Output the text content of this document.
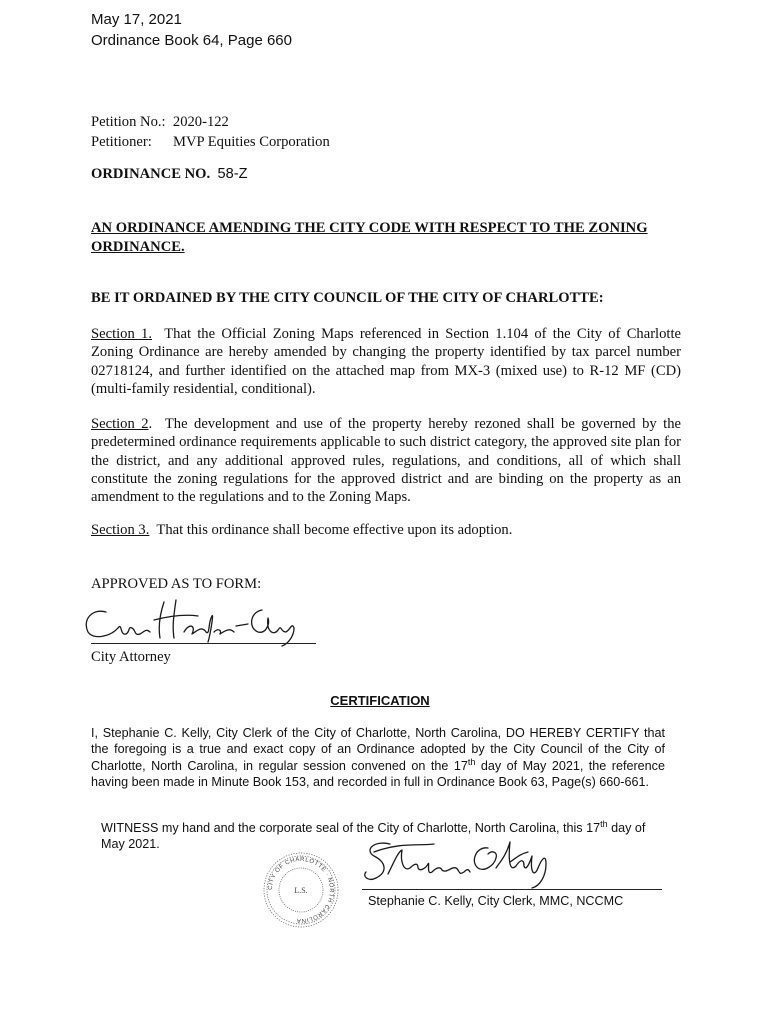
May 17, 2021
Ordinance Book 64, Page 660
Petition No.: 2020-122
Petitioner: MVP Equities Corporation
ORDINANCE NO. 58-Z
AN ORDINANCE AMENDING THE CITY CODE WITH RESPECT TO THE ZONING ORDINANCE.
BE IT ORDAINED BY THE CITY COUNCIL OF THE CITY OF CHARLOTTE:
Section 1. That the Official Zoning Maps referenced in Section 1.104 of the City of Charlotte Zoning Ordinance are hereby amended by changing the property identified by tax parcel number 02718124, and further identified on the attached map from MX-3 (mixed use) to R-12 MF (CD) (multi-family residential, conditional).
Section 2.  The development and use of the property hereby rezoned shall be governed by the predetermined ordinance requirements applicable to such district category, the approved site plan for the district, and any additional approved rules, regulations, and conditions, all of which shall constitute the zoning regulations for the approved district and are binding on the property as an amendment to the regulations and to the Zoning Maps.
Section 3. That this ordinance shall become effective upon its adoption.
APPROVED AS TO FORM:
City Attorney
CERTIFICATION
I, Stephanie C. Kelly, City Clerk of the City of Charlotte, North Carolina, DO HEREBY CERTIFY that the foregoing is a true and exact copy of an Ordinance adopted by the City Council of the City of Charlotte, North Carolina, in regular session convened on the 17th day of May 2021, the reference having been made in Minute Book 153, and recorded in full in Ordinance Book 63, Page(s) 660-661.
WITNESS my hand and the corporate seal of the City of Charlotte, North Carolina, this 17th day of May 2021.
CITY OF CHARLOTTE · NORTH CAROLINA
L.S.
Stephanie C. Kelly, City Clerk, MMC, NCCMC
